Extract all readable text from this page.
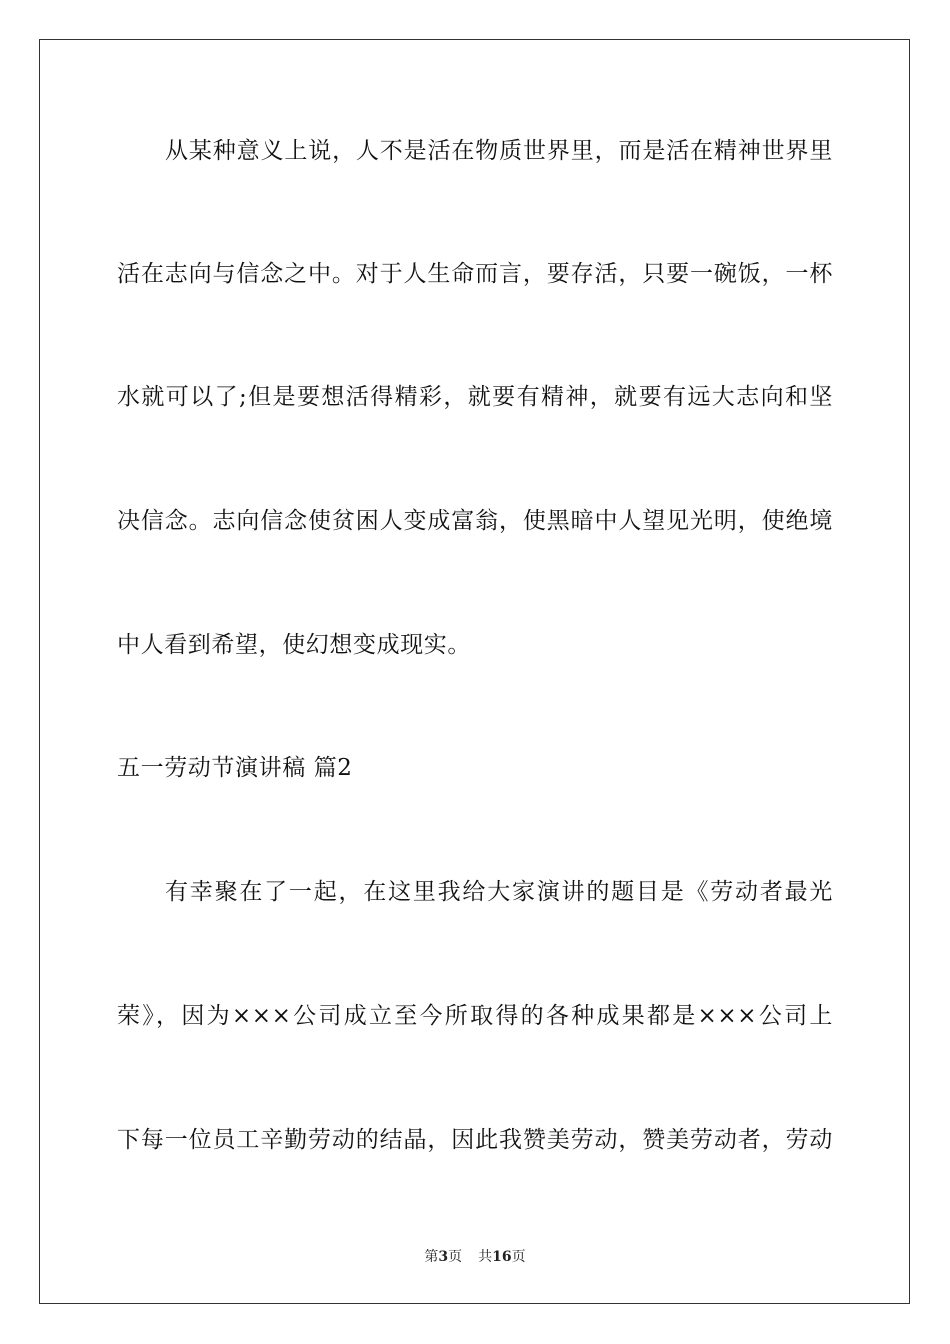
从某种意义上说，人不是活在物质世界里，而是活在精神世界里
活在志向与信念之中。对于人生命而言，要存活，只要一碗饭，一杯
水就可以了;但是要想活得精彩，就要有精神，就要有远大志向和坚
决信念。志向信念使贫困人变成富翁，使黑暗中人望见光明，使绝境
中人看到希望，使幻想变成现实。
五一劳动节演讲稿 篇2
有幸聚在了一起，在这里我给大家演讲的题目是《劳动者最光
荣》，因为×××公司成立至今所取得的各种成果都是×××公司上
下每一位员工辛勤劳动的结晶，因此我赞美劳动，赞美劳动者，劳动
第3页 共16页
